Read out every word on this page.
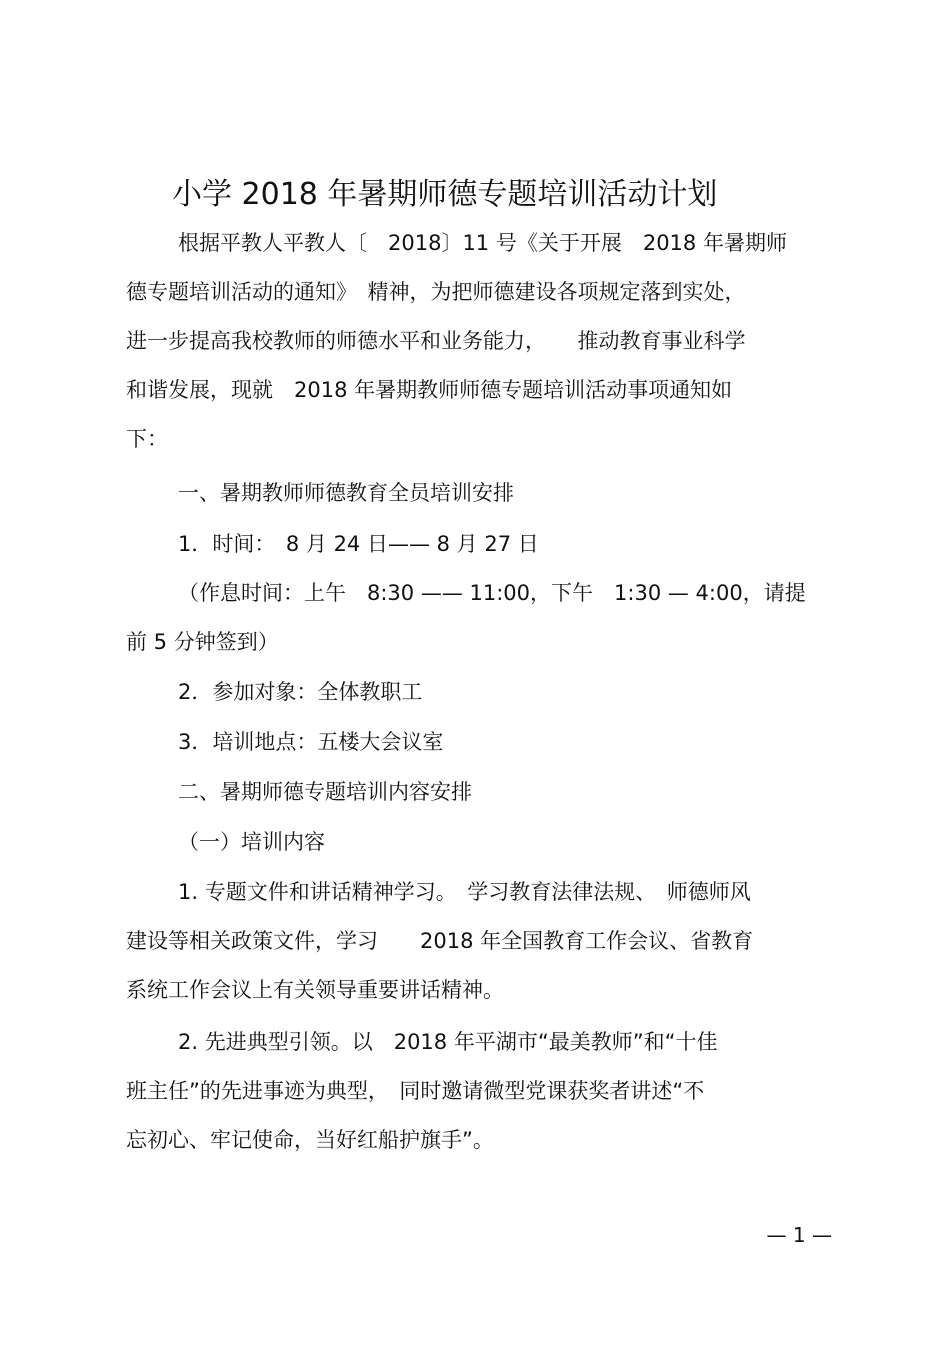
小学 2018 年暑期师德专题培训活动计划

根据平教人平教人〔　2018〕11 号《关于开展　2018 年暑期师
德专题培训活动的通知》　精神，为把师德建设各项规定落到实处，
进一步提高我校教师的师德水平和业务能力，　　推动教育事业科学
和谐发展，现就　2018 年暑期教师师德专题培训活动事项通知如
下：

一、暑期教师师德教育全员培训安排

1．时间：　8 月 24 日—— 8 月 27 日

（作息时间：上午　8:30 —— 11:00，下午　1:30 — 4:00，请提
前 5 分钟签到）

2．参加对象：全体教职工

3．培训地点：五楼大会议室

二、暑期师德专题培训内容安排

（一）培训内容

1. 专题文件和讲话精神学习。　学习教育法律法规、　师德师风
建设等相关政策文件，学习　　2018 年全国教育工作会议、省教育
系统工作会议上有关领导重要讲话精神。

2. 先进典型引领。以　2018 年平湖市“最美教师”和“十佳
班主任”的先进事迹为典型，　同时邀请微型党课获奖者讲述“不
忘初心、牢记使命，当好红船护旗手”。

— 1 —
